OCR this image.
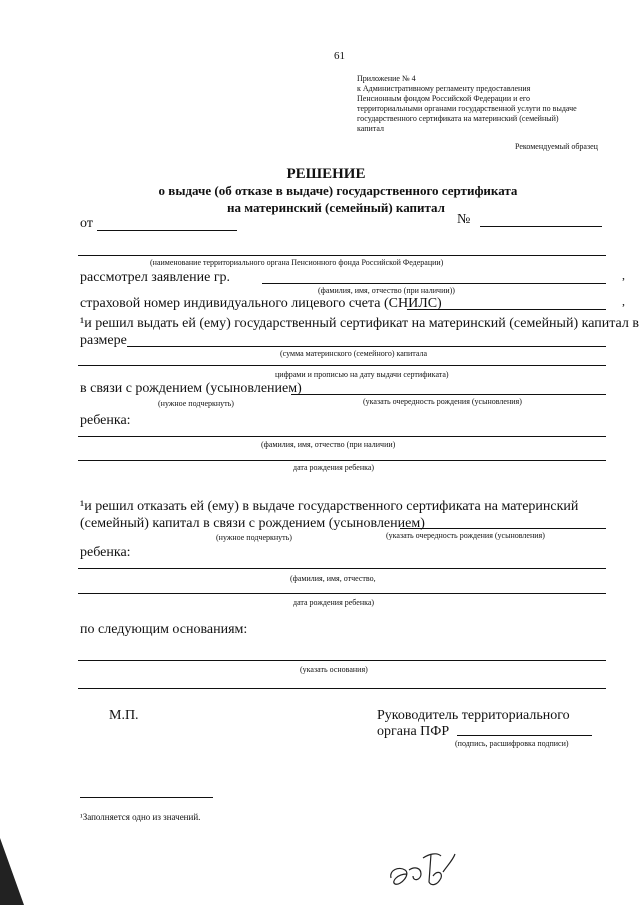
61
Приложение № 4
к Административному регламенту предоставления
Пенсионным фондом Российской Федерации и его
территориальными органами государственной услуги по выдаче
государственного сертификата на материнский (семейный)
капитал
Рекомендуемый образец
РЕШЕНИЕ
о выдаче (об отказе в выдаче) государственного сертификата
на материнский (семейный) капитал
от	№
(наименование территориального органа Пенсионного фонда Российской Федерации)
рассмотрел заявление гр.	,
(фамилия, имя, отчество (при наличии))
страховой номер индивидуального лицевого счета (СНИЛС)	,
¹и решил выдать ей (ему) государственный сертификат на материнский (семейный) капитал в
размере
(сумма материнского (семейного) капитала
цифрами и прописью на дату выдачи сертификата)
в связи с рождением (усыновлением)
(нужное подчеркнуть)	(указать очередность рождения (усыновления)
ребенка:
(фамилия, имя, отчество (при наличии)
дата рождения ребенка)
¹и решил отказать ей (ему) в выдаче государственного сертификата на материнский
(семейный) капитал в связи с рождением (усыновлением)
(нужное подчеркнуть)	(указать очередность рождения (усыновления)
ребенка:
(фамилия, имя, отчество,
дата рождения ребенка)
по следующим основаниям:
(указать основания)
М.П.	Руководитель территориального
органа ПФР
(подпись, расшифровка подписи)
¹Заполняется одно из значений.
